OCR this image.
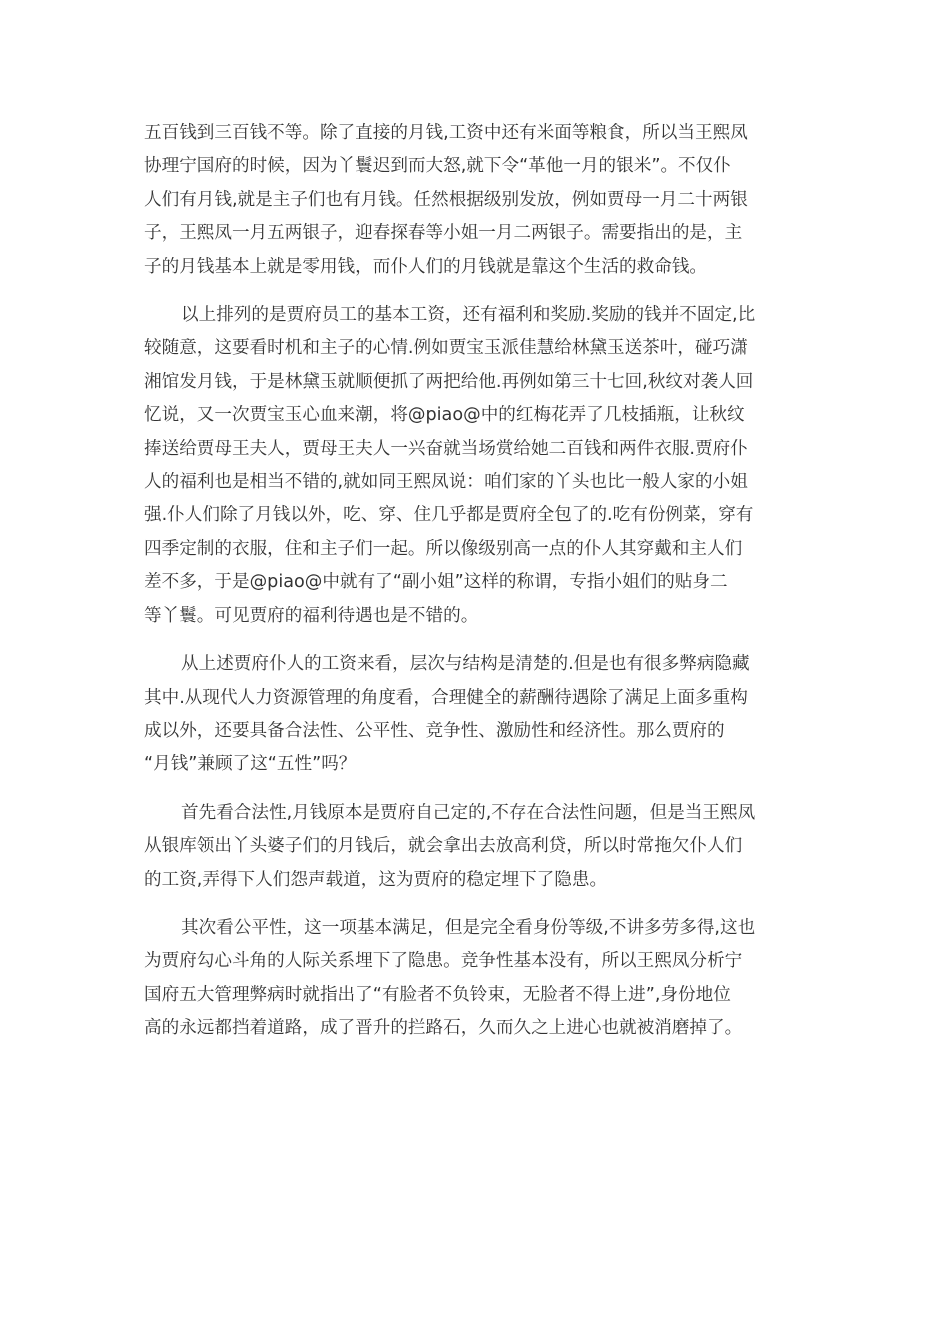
五百钱到三百钱不等。除了直接的月钱,工资中还有米面等粮食，所以当王熙凤
协理宁国府的时候，因为丫鬟迟到而大怒,就下令“革他一月的银米”。不仅仆
人们有月钱,就是主子们也有月钱。任然根据级别发放，例如贾母一月二十两银
子，王熙凤一月五两银子，迎春探春等小姐一月二两银子。需要指出的是，主
子的月钱基本上就是零用钱，而仆人们的月钱就是靠这个生活的救命钱。
以上排列的是贾府员工的基本工资，还有福利和奖励.奖励的钱并不固定,比
较随意，这要看时机和主子的心情.例如贾宝玉派佳慧给林黛玉送茶叶，碰巧潇
湘馆发月钱，于是林黛玉就顺便抓了两把给他.再例如第三十七回,秋纹对袭人回
忆说，又一次贾宝玉心血来潮，将@piao@中的红梅花弄了几枝插瓶，让秋纹
捧送给贾母王夫人，贾母王夫人一兴奋就当场赏给她二百钱和两件衣服.贾府仆
人的福利也是相当不错的,就如同王熙凤说：咱们家的丫头也比一般人家的小姐
强.仆人们除了月钱以外，吃、穿、住几乎都是贾府全包了的.吃有份例菜，穿有
四季定制的衣服，住和主子们一起。所以像级别高一点的仆人其穿戴和主人们
差不多，于是@piao@中就有了“副小姐”这样的称谓，专指小姐们的贴身二
等丫鬟。可见贾府的福利待遇也是不错的。
从上述贾府仆人的工资来看，层次与结构是清楚的.但是也有很多弊病隐藏
其中.从现代人力资源管理的角度看，合理健全的薪酬待遇除了满足上面多重构
成以外，还要具备合法性、公平性、竞争性、激励性和经济性。那么贾府的
“月钱”兼顾了这“五性”吗？
首先看合法性,月钱原本是贾府自己定的,不存在合法性问题，但是当王熙凤
从银库领出丫头婆子们的月钱后，就会拿出去放高利贷，所以时常拖欠仆人们
的工资,弄得下人们怨声载道，这为贾府的稳定埋下了隐患。
其次看公平性，这一项基本满足，但是完全看身份等级,不讲多劳多得,这也
为贾府勾心斗角的人际关系埋下了隐患。竞争性基本没有，所以王熙凤分析宁
国府五大管理弊病时就指出了“有脸者不负铃束，无脸者不得上进”,身份地位
高的永远都挡着道路，成了晋升的拦路石，久而久之上进心也就被消磨掉了。
